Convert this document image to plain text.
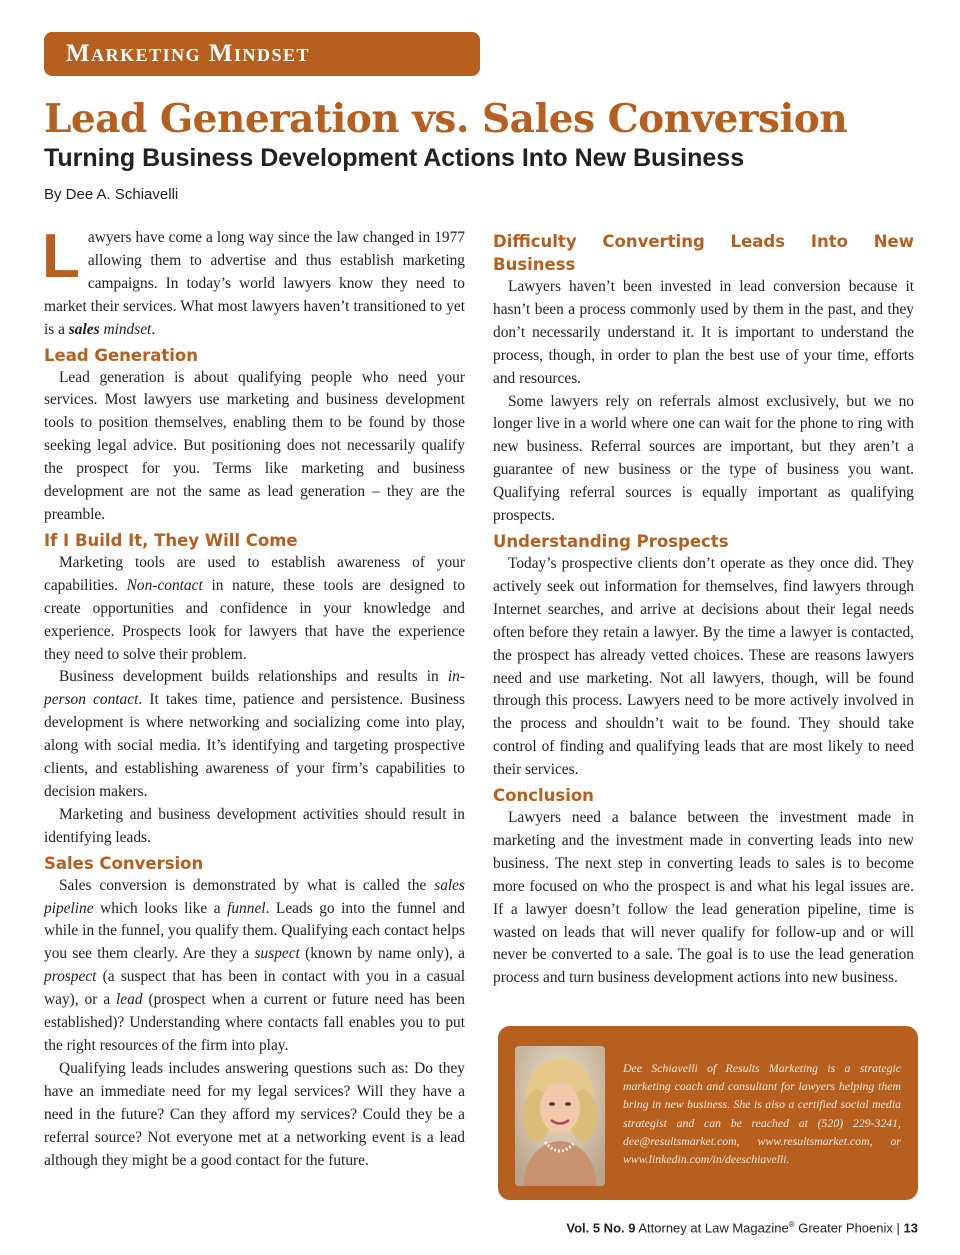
Marketing Mindset
Lead Generation vs. Sales Conversion
Turning Business Development Actions Into New Business

By Dee A. Schiavelli

Lawyers have come a long way since the law changed in 1977 allowing them to advertise and thus establish marketing campaigns. In today’s world lawyers know they need to market their services. What most lawyers haven’t transitioned to yet is a sales mindset.

Lead Generation

Lead generation is about qualifying people who need your services. Most lawyers use marketing and business development tools to position themselves, enabling them to be found by those seeking legal advice. But positioning does not necessarily qualify the prospect for you. Terms like marketing and business development are not the same as lead generation – they are the preamble.

If I Build It, They Will Come

Marketing tools are used to establish awareness of your capabilities. Non-contact in nature, these tools are designed to create opportunities and confidence in your knowledge and experience. Prospects look for lawyers that have the experience they need to solve their problem.

Business development builds relationships and results in in-person contact. It takes time, patience and persistence. Business development is where networking and socializing come into play, along with social media. It’s identifying and targeting prospective clients, and establishing awareness of your firm’s capabilities to decision makers.

Marketing and business development activities should result in identifying leads.

Sales Conversion

Sales conversion is demonstrated by what is called the sales pipeline which looks like a funnel. Leads go into the funnel and while in the funnel, you qualify them. Qualifying each contact helps you see them clearly. Are they a suspect (known by name only), a prospect (a suspect that has been in contact with you in a casual way), or a lead (prospect when a current or future need has been established)? Understanding where contacts fall enables you to put the right resources of the firm into play.

Qualifying leads includes answering questions such as: Do they have an immediate need for my legal services? Will they have a need in the future? Can they afford my services? Could they be a referral source? Not everyone met at a networking event is a lead although they might be a good contact for the future.

Difficulty Converting Leads Into New Business

Lawyers haven’t been invested in lead conversion because it hasn’t been a process commonly used by them in the past, and they don’t necessarily understand it. It is important to understand the process, though, in order to plan the best use of your time, efforts and resources.

Some lawyers rely on referrals almost exclusively, but we no longer live in a world where one can wait for the phone to ring with new business. Referral sources are important, but they aren’t a guarantee of new business or the type of business you want. Qualifying referral sources is equally important as qualifying prospects.

Understanding Prospects

Today’s prospective clients don’t operate as they once did. They actively seek out information for themselves, find lawyers through Internet searches, and arrive at decisions about their legal needs often before they retain a lawyer. By the time a lawyer is contacted, the prospect has already vetted choices. These are reasons lawyers need and use marketing. Not all lawyers, though, will be found through this process. Lawyers need to be more actively involved in the process and shouldn’t wait to be found. They should take control of finding and qualifying leads that are most likely to need their services.

Conclusion

Lawyers need a balance between the investment made in marketing and the investment made in converting leads into new business. The next step in converting leads to sales is to become more focused on who the prospect is and what his legal issues are. If a lawyer doesn’t follow the lead generation pipeline, time is wasted on leads that will never qualify for follow-up and or will never be converted to a sale. The goal is to use the lead generation process and turn business development actions into new business.

Dee Schiavelli of Results Marketing is a strategic marketing coach and consultant for lawyers helping them bring in new business. She is also a certified social media strategist and can be reached at (520) 229-3241, dee@resultsmarket.com, www.resultsmarket.com, or www.linkedin.com/in/deeschiavelli.

Vol. 5 No. 9 Attorney at Law Magazine® Greater Phoenix | 13
